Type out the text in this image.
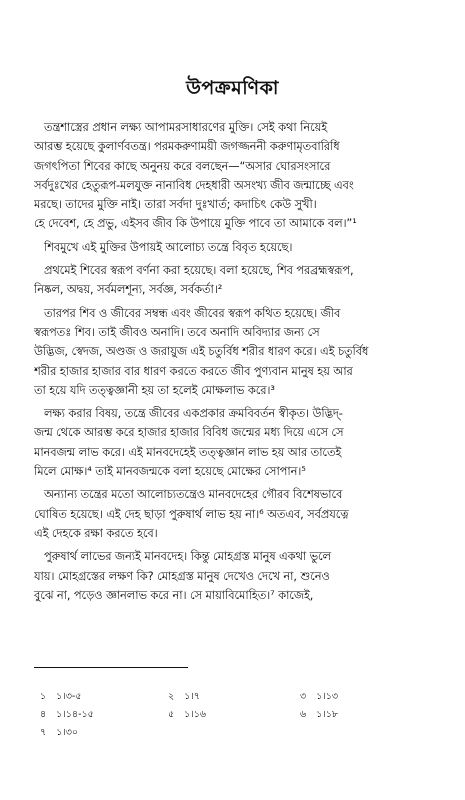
উপক্রমণিকা
তন্ত্রশাস্ত্রের প্রধান লক্ষ্য আপামরসাধারণের মুক্তি। সেই কথা নিয়েই
আরম্ভ হয়েছে কুলার্ণবতন্ত্র। পরমকরুণাময়ী জগজ্জননী করুণামৃতবারিধি
জগৎপিতা শিবের কাছে অনুনয় করে বলছেন—“অসার ঘোরসংসারে
সর্বদুঃখের হেতুরূপ-মলযুক্ত নানাবিধ দেহধারী অসংখ্য জীব জন্মাচ্ছে এবং
মরছে। তাদের মুক্তি নাই। তারা সর্বদা দুঃখার্ত; কদাচিৎ কেউ সুখী।
হে দেবেশ, হে প্রভু, এইসব জীব কি উপায়ে মুক্তি পাবে তা আমাকে বল।”¹
শিবমুখে এই মুক্তির উপায়ই আলোচ্য তন্ত্রে বিবৃত হয়েছে।
প্রথমেই শিবের স্বরূপ বর্ণনা করা হয়েছে। বলা হয়েছে, শিব পরব্রহ্মস্বরূপ,
নিষ্কল, অদ্বয়, সর্বমলশূন্য, সর্বজ্ঞ, সর্বকর্তা।²
তারপর শিব ও জীবের সম্বন্ধ এবং জীবের স্বরূপ কথিত হয়েছে। জীব
স্বরূপতঃ শিব। তাই জীবও অনাদি। তবে অনাদি অবিদ্যার জন্য সে
উদ্ভিজ, স্বেদজ, অণ্ডজ ও জরায়ুজ এই চতুর্বিধ শরীর ধারণ করে। এই চতুর্বিধ
শরীর হাজার হাজার বার ধারণ করতে করতে জীব পুণ্যবান মানুষ হয় আর
তা হয়ে যদি তত্ত্বজ্ঞানী হয় তা হলেই মোক্ষলাভ করে।³
লক্ষ্য করার বিষয়, তন্ত্রে জীবের একপ্রকার ক্রমবিবর্তন স্বীকৃত। উদ্ভিদ্-
জন্ম থেকে আরম্ভ করে হাজার হাজার বিবিধ জন্মের মধ্য দিয়ে এসে সে
মানবজন্ম লাভ করে। এই মানবদেহেই তত্ত্বজ্ঞান লাভ হয় আর তাতেই
মিলে মোক্ষ।⁴ তাই মানবজন্মকে বলা হয়েছে মোক্ষের সোপান।⁵
অন্যান্য তন্ত্রের মতো আলোচ্যতন্ত্রেও মানবদেহের গৌরব বিশেষভাবে
ঘোষিত হয়েছে। এই দেহ ছাড়া পুরুষার্থ লাভ হয় না।⁶ অতএব, সর্বপ্রযত্নে
এই দেহকে রক্ষা করতে হবে।
পুরুষার্থ লাভের জন্যই মানবদেহ। কিন্তু মোহগ্রস্ত মানুষ একথা ভুলে
যায়। মোহগ্রস্তের লক্ষণ কি? মোহগ্রস্ত মানুষ দেখেও দেখে না, শুনেও
বুঝে না, পড়েও জ্ঞানলাভ করে না। সে মায়াবিমোহিত।⁷ কাজেই,
১ ১।৩-৫	২ ১।৭	৩ ১।১৩
৪ ১।১৪-১৫	৫ ১।১৬	৬ ১।১৮
৭ ১।৩০
